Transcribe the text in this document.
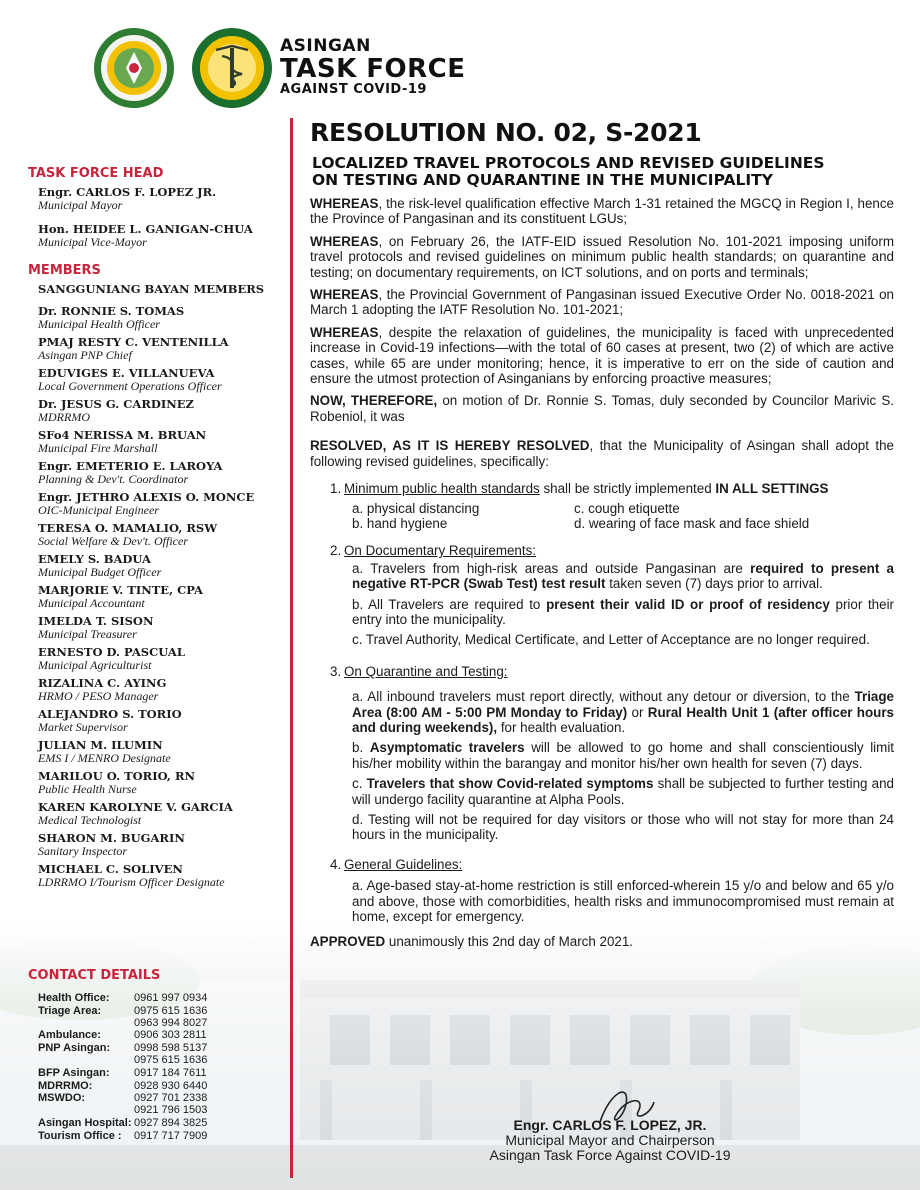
ASINGAN
TASK FORCE
AGAINST COVID-19
TASK FORCE HEAD
Engr. CARLOS F. LOPEZ JR.
Municipal Mayor
Hon. HEIDEE L. GANIGAN-CHUA
Municipal Vice-Mayor
MEMBERS
SANGGUNIANG BAYAN MEMBERS
Dr. RONNIE S. TOMAS
Municipal Health Officer
PMAJ RESTY C. VENTENILLA
Asingan PNP Chief
EDUVIGES E. VILLANUEVA
Local Government Operations Officer
Dr. JESUS G. CARDINEZ
MDRRMO
SFo4 NERISSA M. BRUAN
Municipal Fire Marshall
Engr. EMETERIO E. LAROYA
Planning & Dev't. Coordinator
Engr. JETHRO ALEXIS O. MONCE
OIC-Municipal Engineer
TERESA O. MAMALIO, RSW
Social Welfare & Dev't. Officer
EMELY S. BADUA
Municipal Budget Officer
MARJORIE V. TINTE, CPA
Municipal Accountant
IMELDA T. SISON
Municipal Treasurer
ERNESTO D. PASCUAL
Municipal Agriculturist
RIZALINA C. AYING
HRMO / PESO Manager
ALEJANDRO S. TORIO
Market Supervisor
JULIAN M. ILUMIN
EMS I / MENRO Designate
MARILOU O. TORIO, RN
Public Health Nurse
KAREN KAROLYNE V. GARCIA
Medical Technologist
SHARON M. BUGARIN
Sanitary Inspector
MICHAEL C. SOLIVEN
LDRRMO I/Tourism Officer Designate
CONTACT DETAILS
Health Office:	0961 997 0934
Triage Area:	0975 615 1636
0963 994 8027
Ambulance:	0906 303 2811
PNP Asingan:	0998 598 5137
0975 615 1636
BFP Asingan:	0917 184 7611
MDRRMO:	0928 930 6440
MSWDO:	0927 701 2338
0921 796 1503
Asingan Hospital: 0927 894 3825
Tourism Office :	0917 717 7909
RESOLUTION NO. 02, S-2021
LOCALIZED TRAVEL PROTOCOLS AND REVISED GUIDELINES
ON TESTING AND QUARANTINE IN THE MUNICIPALITY
WHEREAS, the risk-level qualification effective March 1-31 retained the MGCQ in Region I, hence the Province of Pangasinan and its constituent LGUs;
WHEREAS, on February 26, the IATF-EID issued Resolution No. 101-2021 imposing uniform travel protocols and revised guidelines on minimum public health standards; on quarantine and testing; on documentary requirements, on ICT solutions, and on ports and terminals;
WHEREAS, the Provincial Government of Pangasinan issued Executive Order No. 0018-2021 on March 1 adopting the IATF Resolution No. 101-2021;
WHEREAS, despite the relaxation of guidelines, the municipality is faced with unprecedented increase in Covid-19 infections—with the total of 60 cases at present, two (2) of which are active cases, while 65 are under monitoring; hence, it is imperative to err on the side of caution and ensure the utmost protection of Asinganians by enforcing proactive measures;
NOW, THEREFORE, on motion of Dr. Ronnie S. Tomas, duly seconded by Councilor Marivic S. Robeniol, it was
RESOLVED, AS IT IS HEREBY RESOLVED, that the Municipality of Asingan shall adopt the following revised guidelines, specifically:
1. Minimum public health standards shall be strictly implemented IN ALL SETTINGS
a. physical distancing	c. cough etiquette
b. hand hygiene	d. wearing of face mask and face shield
2. On Documentary Requirements:
a. Travelers from high-risk areas and outside Pangasinan are required to present a negative RT-PCR (Swab Test) test result taken seven (7) days prior to arrival.
b. All Travelers are required to present their valid ID or proof of residency prior their entry into the municipality.
c. Travel Authority, Medical Certificate, and Letter of Acceptance are no longer required.
3. On Quarantine and Testing:
a. All inbound travelers must report directly, without any detour or diversion, to the Triage Area (8:00 AM - 5:00 PM Monday to Friday) or Rural Health Unit 1 (after officer hours and during weekends), for health evaluation.
b. Asymptomatic travelers will be allowed to go home and shall conscientiously limit his/her mobility within the barangay and monitor his/her own health for seven (7) days.
c. Travelers that show Covid-related symptoms shall be subjected to further testing and will undergo facility quarantine at Alpha Pools.
d. Testing will not be required for day visitors or those who will not stay for more than 24 hours in the municipality.
4. General Guidelines:
a. Age-based stay-at-home restriction is still enforced-wherein 15 y/o and below and 65 y/o and above, those with comorbidities, health risks and immunocompromised must remain at home, except for emergency.
APPROVED unanimously this 2nd day of March 2021.
Engr. CARLOS F. LOPEZ, JR.
Municipal Mayor and Chairperson
Asingan Task Force Against COVID-19
